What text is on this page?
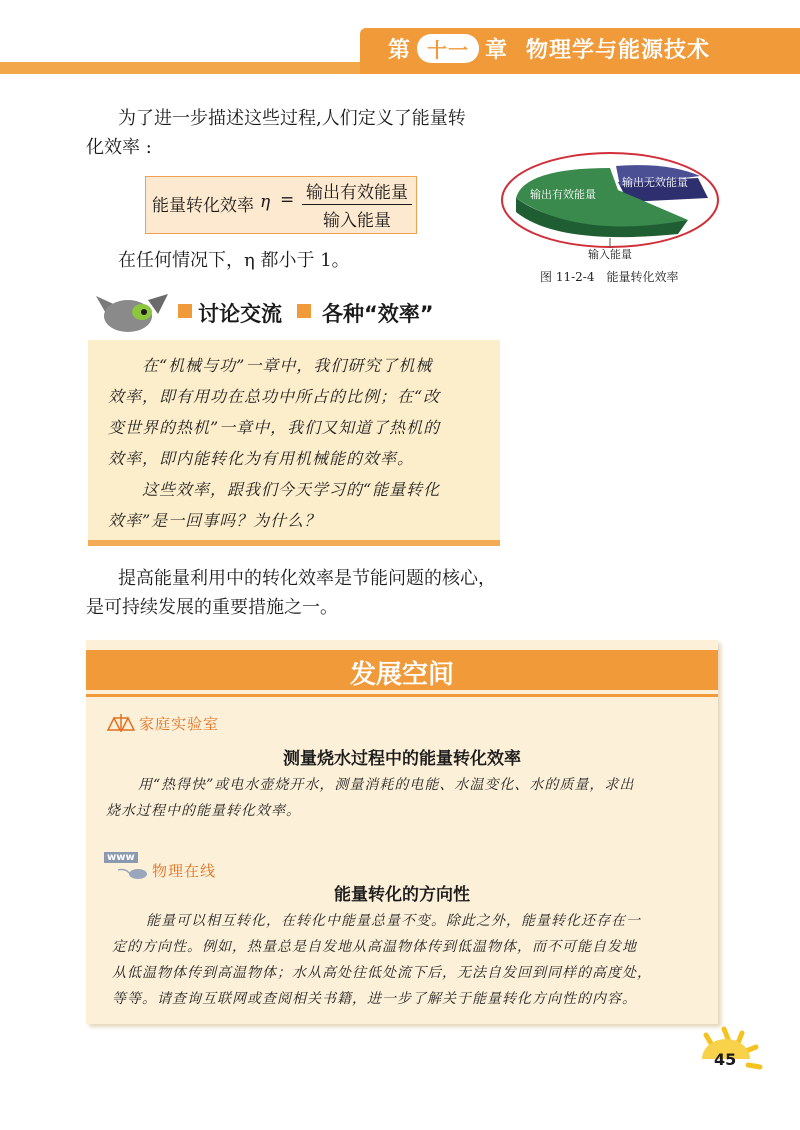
第 十一 章 物理学与能源技术
为了进一步描述这些过程,人们定义了能量转
化效率 :
能量转化效率 η = 输出有效能量
输入能量
在任何情况下，η 都小于 1。
输出有效能量
输出无效能量
输入能量
图 11-2-4　能量转化效率
讨论交流 各种“效率”
在“机械与功”一章中，我们研究了机械
效率，即有用功在总功中所占的比例；在“改
变世界的热机”一章中，我们又知道了热机的
效率，即内能转化为有用机械能的效率。
这些效率，跟我们今天学习的“能量转化
效率”是一回事吗？为什么？
提高能量利用中的转化效率是节能问题的核心，
是可持续发展的重要措施之一。
发展空间
家庭实验室
测量烧水过程中的能量转化效率
用“热得快”或电水壶烧开水，测量消耗的电能、水温变化、水的质量，求出
烧水过程中的能量转化效率。
www
物理在线
能量转化的方向性
能量可以相互转化，在转化中能量总量不变。除此之外，能量转化还存在一
定的方向性。例如，热量总是自发地从高温物体传到低温物体，而不可能自发地
从低温物体传到高温物体；水从高处往低处流下后，无法自发回到同样的高度处，
等等。请查询互联网或查阅相关书籍，进一步了解关于能量转化方向性的内容。
45
